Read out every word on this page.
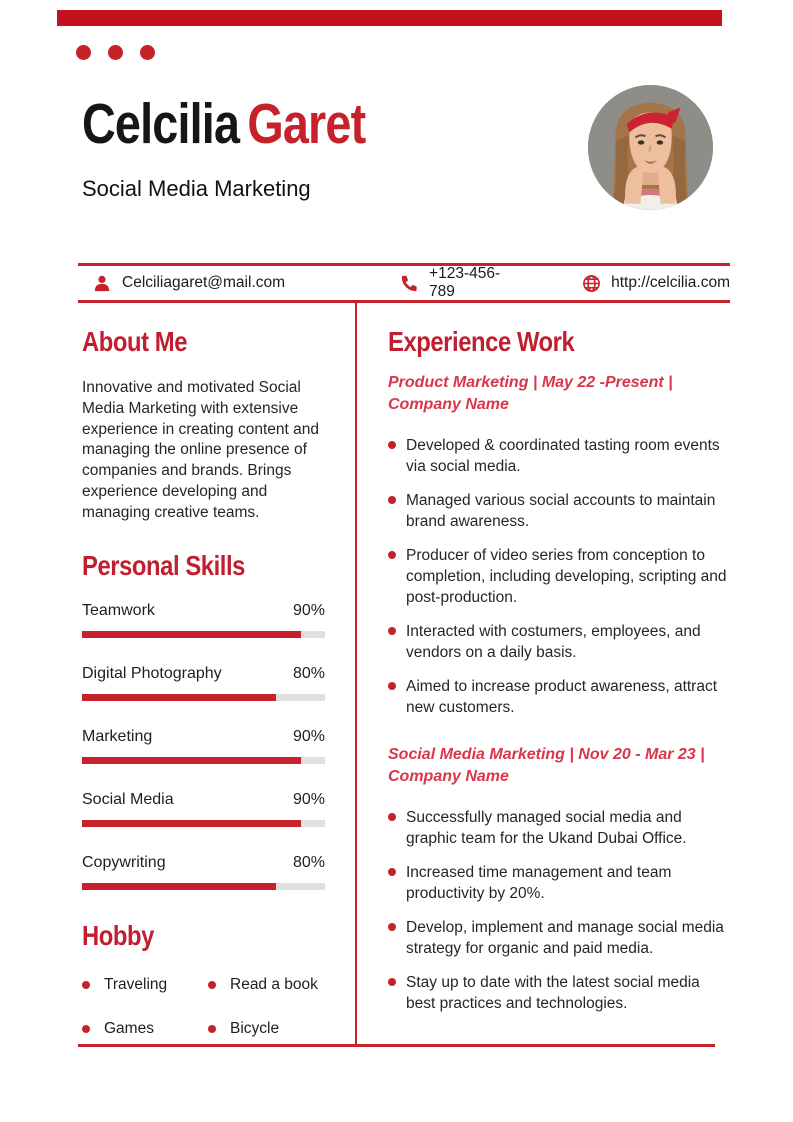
Celcilia Garet
Social Media Marketing
Celciliagaret@mail.com
+123-456-789
http://celcilia.com
About Me
Innovative and motivated Social Media Marketing with extensive experience in creating content and managing the online presence of companies and brands. Brings experience developing and managing creative teams.
Personal Skills
Teamwork	90%
Digital Photography	80%
Marketing	90%
Social Media	90%
Copywriting	80%
Hobby
Traveling	Read a book
Games	Bicycle
Experience Work
Product Marketing | May 22 -Present | Company Name
Developed & coordinated tasting room events via social media.
Managed various social accounts to maintain brand awareness.
Producer of video series from conception to completion, including developing, scripting and post-production.
Interacted with costumers, employees, and vendors on a daily basis.
Aimed to increase product awareness, attract new customers.
Social Media Marketing | Nov 20 - Mar 23 | Company Name
Successfully managed social media and graphic team for the Ukand Dubai Office.
Increased time management and team productivity by 20%.
Develop, implement and manage social media strategy for organic and paid media.
Stay up to date with the latest social media best practices and technologies.
